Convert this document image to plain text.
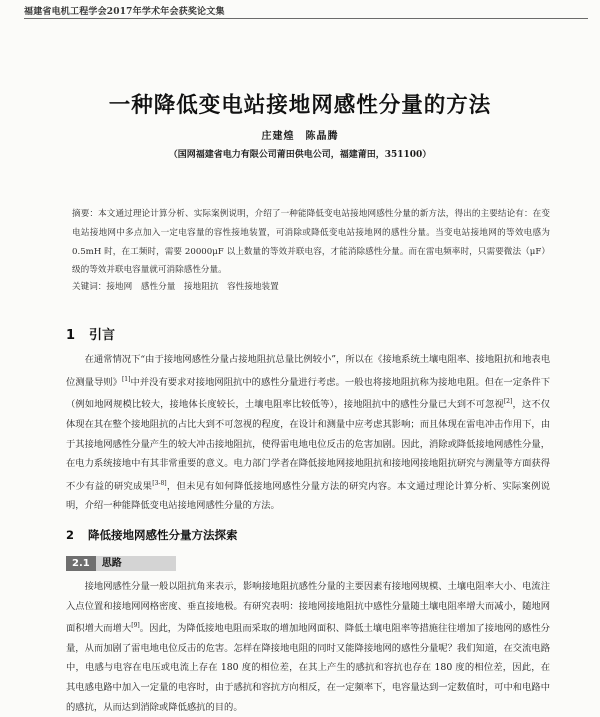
福建省电机工程学会2017年学术年会获奖论文集
一种降低变电站接地网感性分量的方法
庄建煌　陈晶腾
（国网福建省电力有限公司莆田供电公司，福建莆田，351100）
摘要：本文通过理论计算分析、实际案例说明，介绍了一种能降低变电站接地网感性分量的新方法，得出的主要结论有：在变电站接地网中多点加入一定电容量的容性接地装置，可消除或降低变电站接地网的感性分量。当变电站接地网的等效电感为 0.5mH 时，在工频时，需要 20000μF 以上数量的等效并联电容，才能消除感性分量。而在雷电频率时，只需要微法（μF）级的等效并联电容量就可消除感性分量。
关键词：接地网 感性分量 接地阻抗 容性接地装置
1 引言
在通常情况下“由于接地网感性分量占接地阻抗总量比例较小”，所以在《接地系统土壤电阻率、接地阻抗和地表电位测量导则》[1]中并没有要求对接地网阻抗中的感性分量进行考虑。一般也将接地阻抗称为接地电阻。但在一定条件下（例如地网规模比较大，接地体长度较长，土壤电阻率比较低等），接地阻抗中的感性分量已大到不可忽视[2]，这不仅体现在其在整个接地阻抗的占比大到不可忽视的程度，在设计和测量中应考虑其影响；而且体现在雷电冲击作用下，由于其接地网感性分量产生的较大冲击接地阻抗，使得雷电地电位反击的危害加剧。因此，消除或降低接地网感性分量，在电力系统接地中有其非常重要的意义。电力部门学者在降低接地网接地阻抗和接地网接地阻抗研究与测量等方面获得不少有益的研究成果[3-8]，但未见有如何降低接地网感性分量方法的研究内容。本文通过理论计算分析、实际案例说明，介绍一种能降低变电站接地网感性分量的方法。
2 降低接地网感性分量方法探索
2.1	思路
接地网感性分量一般以阻抗角来表示，影响接地阻抗感性分量的主要因素有接地网规模、土壤电阻率大小、电流注入点位置和接地网网格密度、垂直接地极。有研究表明：接地网接地阻抗中感性分量随土壤电阻率增大而减小，随地网面积增大而增大[9]。因此，为降低接地电阻而采取的增加地网面积、降低土壤电阻率等措施往往增加了接地网的感性分量，从而加剧了雷电地电位反击的危害。怎样在降接地电阻的同时又能降接地网的感性分量呢？我们知道，在交流电路中，电感与电容在电压或电流上存在 180 度的相位差，在其上产生的感抗和容抗也存在 180 度的相位差，因此，在其电感电路中加入一定量的电容时，由于感抗和容抗方向相反，在一定频率下，电容量达到一定数值时，可中和电路中的感抗，从而达到消除或降低感抗的目的。
